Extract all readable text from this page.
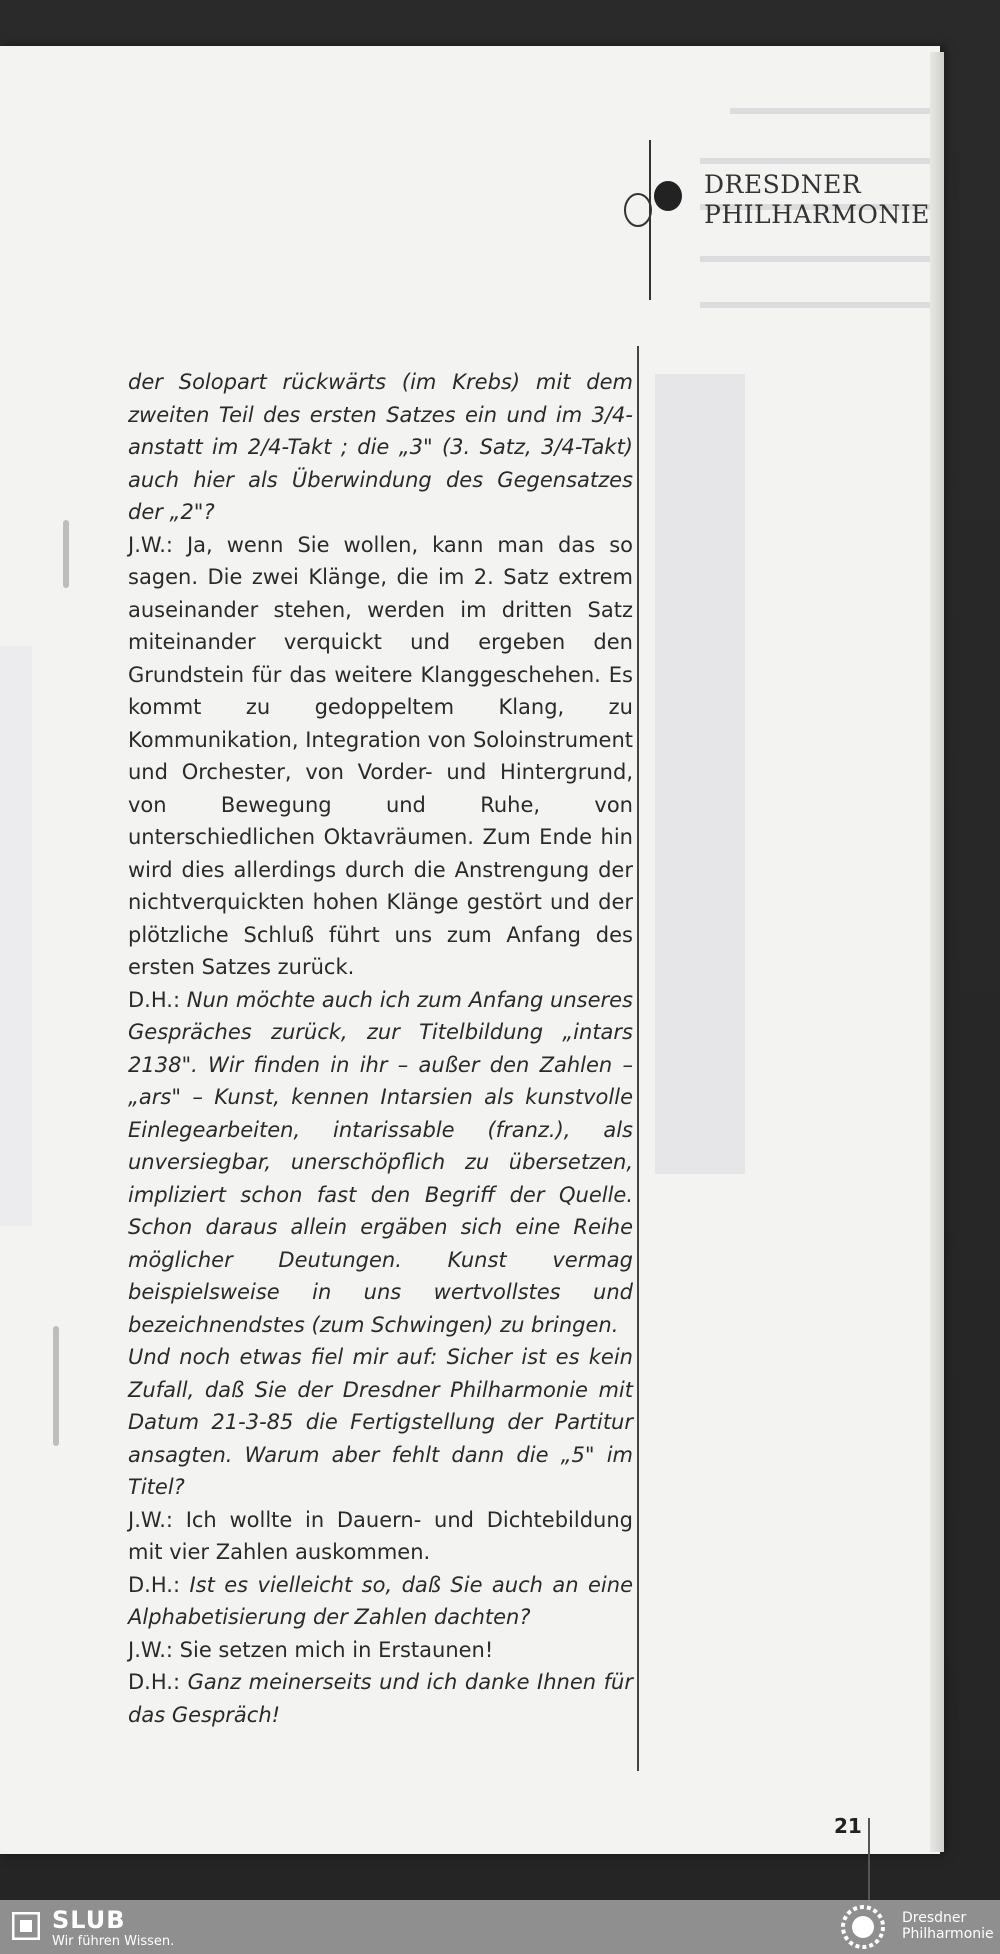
DRESDNER
PHILHARMONIE

der Solopart rückwärts (im Krebs) mit dem zweiten Teil des ersten Satzes ein und im 3/4- anstatt im 2/4-Takt ; die „3" (3. Satz, 3/4-Takt) auch hier als Überwindung des Gegensatzes der „2"?

J.W.: Ja, wenn Sie wollen, kann man das so sagen. Die zwei Klänge, die im 2. Satz extrem auseinander stehen, werden im dritten Satz miteinander verquickt und ergeben den Grundstein für das weitere Klanggeschehen. Es kommt zu gedoppeltem Klang, zu Kommunikation, Integration von Soloinstrument und Orchester, von Vorder- und Hintergrund, von Bewegung und Ruhe, von unterschiedlichen Oktavräumen. Zum Ende hin wird dies allerdings durch die Anstrengung der nichtverquickten hohen Klänge gestört und der plötzliche Schluß führt uns zum Anfang des ersten Satzes zurück.

D.H.: Nun möchte auch ich zum Anfang unseres Gespräches zurück, zur Titelbildung „intars 2138". Wir finden in ihr – außer den Zahlen – „ars" – Kunst, kennen Intarsien als kunstvolle Einlegearbeiten, intarissable (franz.), als unversiegbar, unerschöpflich zu übersetzen, impliziert schon fast den Begriff der Quelle. Schon daraus allein ergäben sich eine Reihe möglicher Deutungen. Kunst vermag beispielsweise in uns wertvollstes und bezeichnendstes (zum Schwingen) zu bringen.

Und noch etwas fiel mir auf: Sicher ist es kein Zufall, daß Sie der Dresdner Philharmonie mit Datum 21-3-85 die Fertigstellung der Partitur ansagten. Warum aber fehlt dann die „5" im Titel?

J.W.: Ich wollte in Dauern- und Dichtebildung mit vier Zahlen auskommen.

D.H.: Ist es vielleicht so, daß Sie auch an eine Alphabetisierung der Zahlen dachten?

J.W.: Sie setzen mich in Erstaunen!

D.H.: Ganz meinerseits und ich danke Ihnen für das Gespräch!

21
SLUB
Wir führen Wissen.
Dresdner
Philharmonie
